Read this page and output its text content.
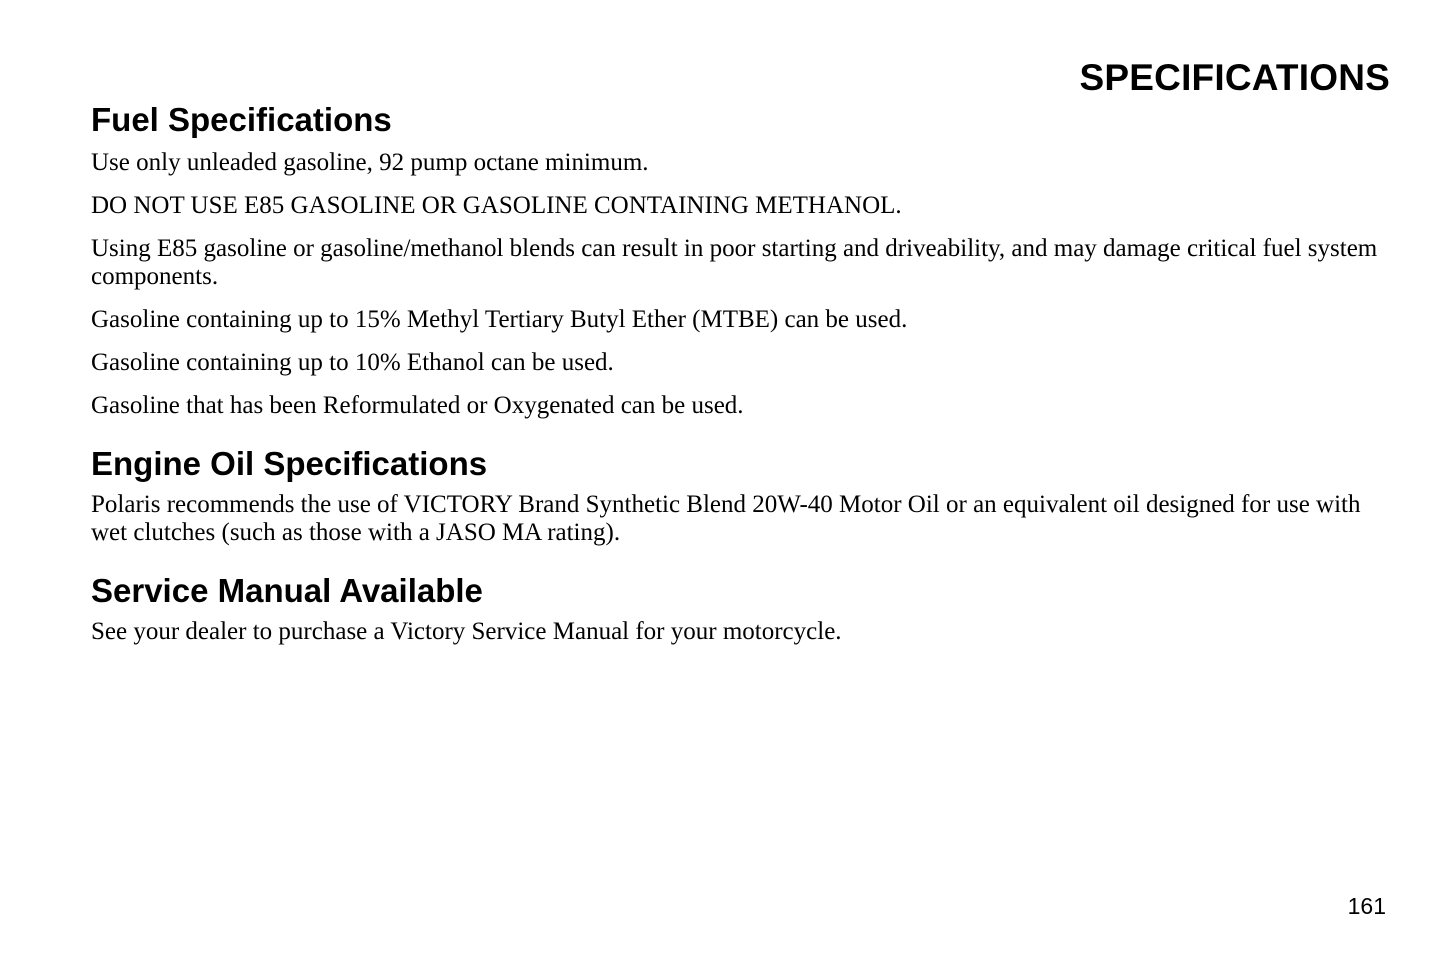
SPECIFICATIONS
Fuel Specifications

Use only unleaded gasoline, 92 pump octane minimum.

DO NOT USE E85 GASOLINE OR GASOLINE CONTAINING METHANOL.

Using E85 gasoline or gasoline/methanol blends can result in poor starting and driveability, and may damage critical fuel system components.

Gasoline containing up to 15% Methyl Tertiary Butyl Ether (MTBE) can be used.

Gasoline containing up to 10% Ethanol can be used.

Gasoline that has been Reformulated or Oxygenated can be used.

Engine Oil Specifications

Polaris recommends the use of VICTORY Brand Synthetic Blend 20W-40 Motor Oil or an equivalent oil designed for use with wet clutches (such as those with a JASO MA rating).

Service Manual Available

See your dealer to purchase a Victory Service Manual for your motorcycle.

161
